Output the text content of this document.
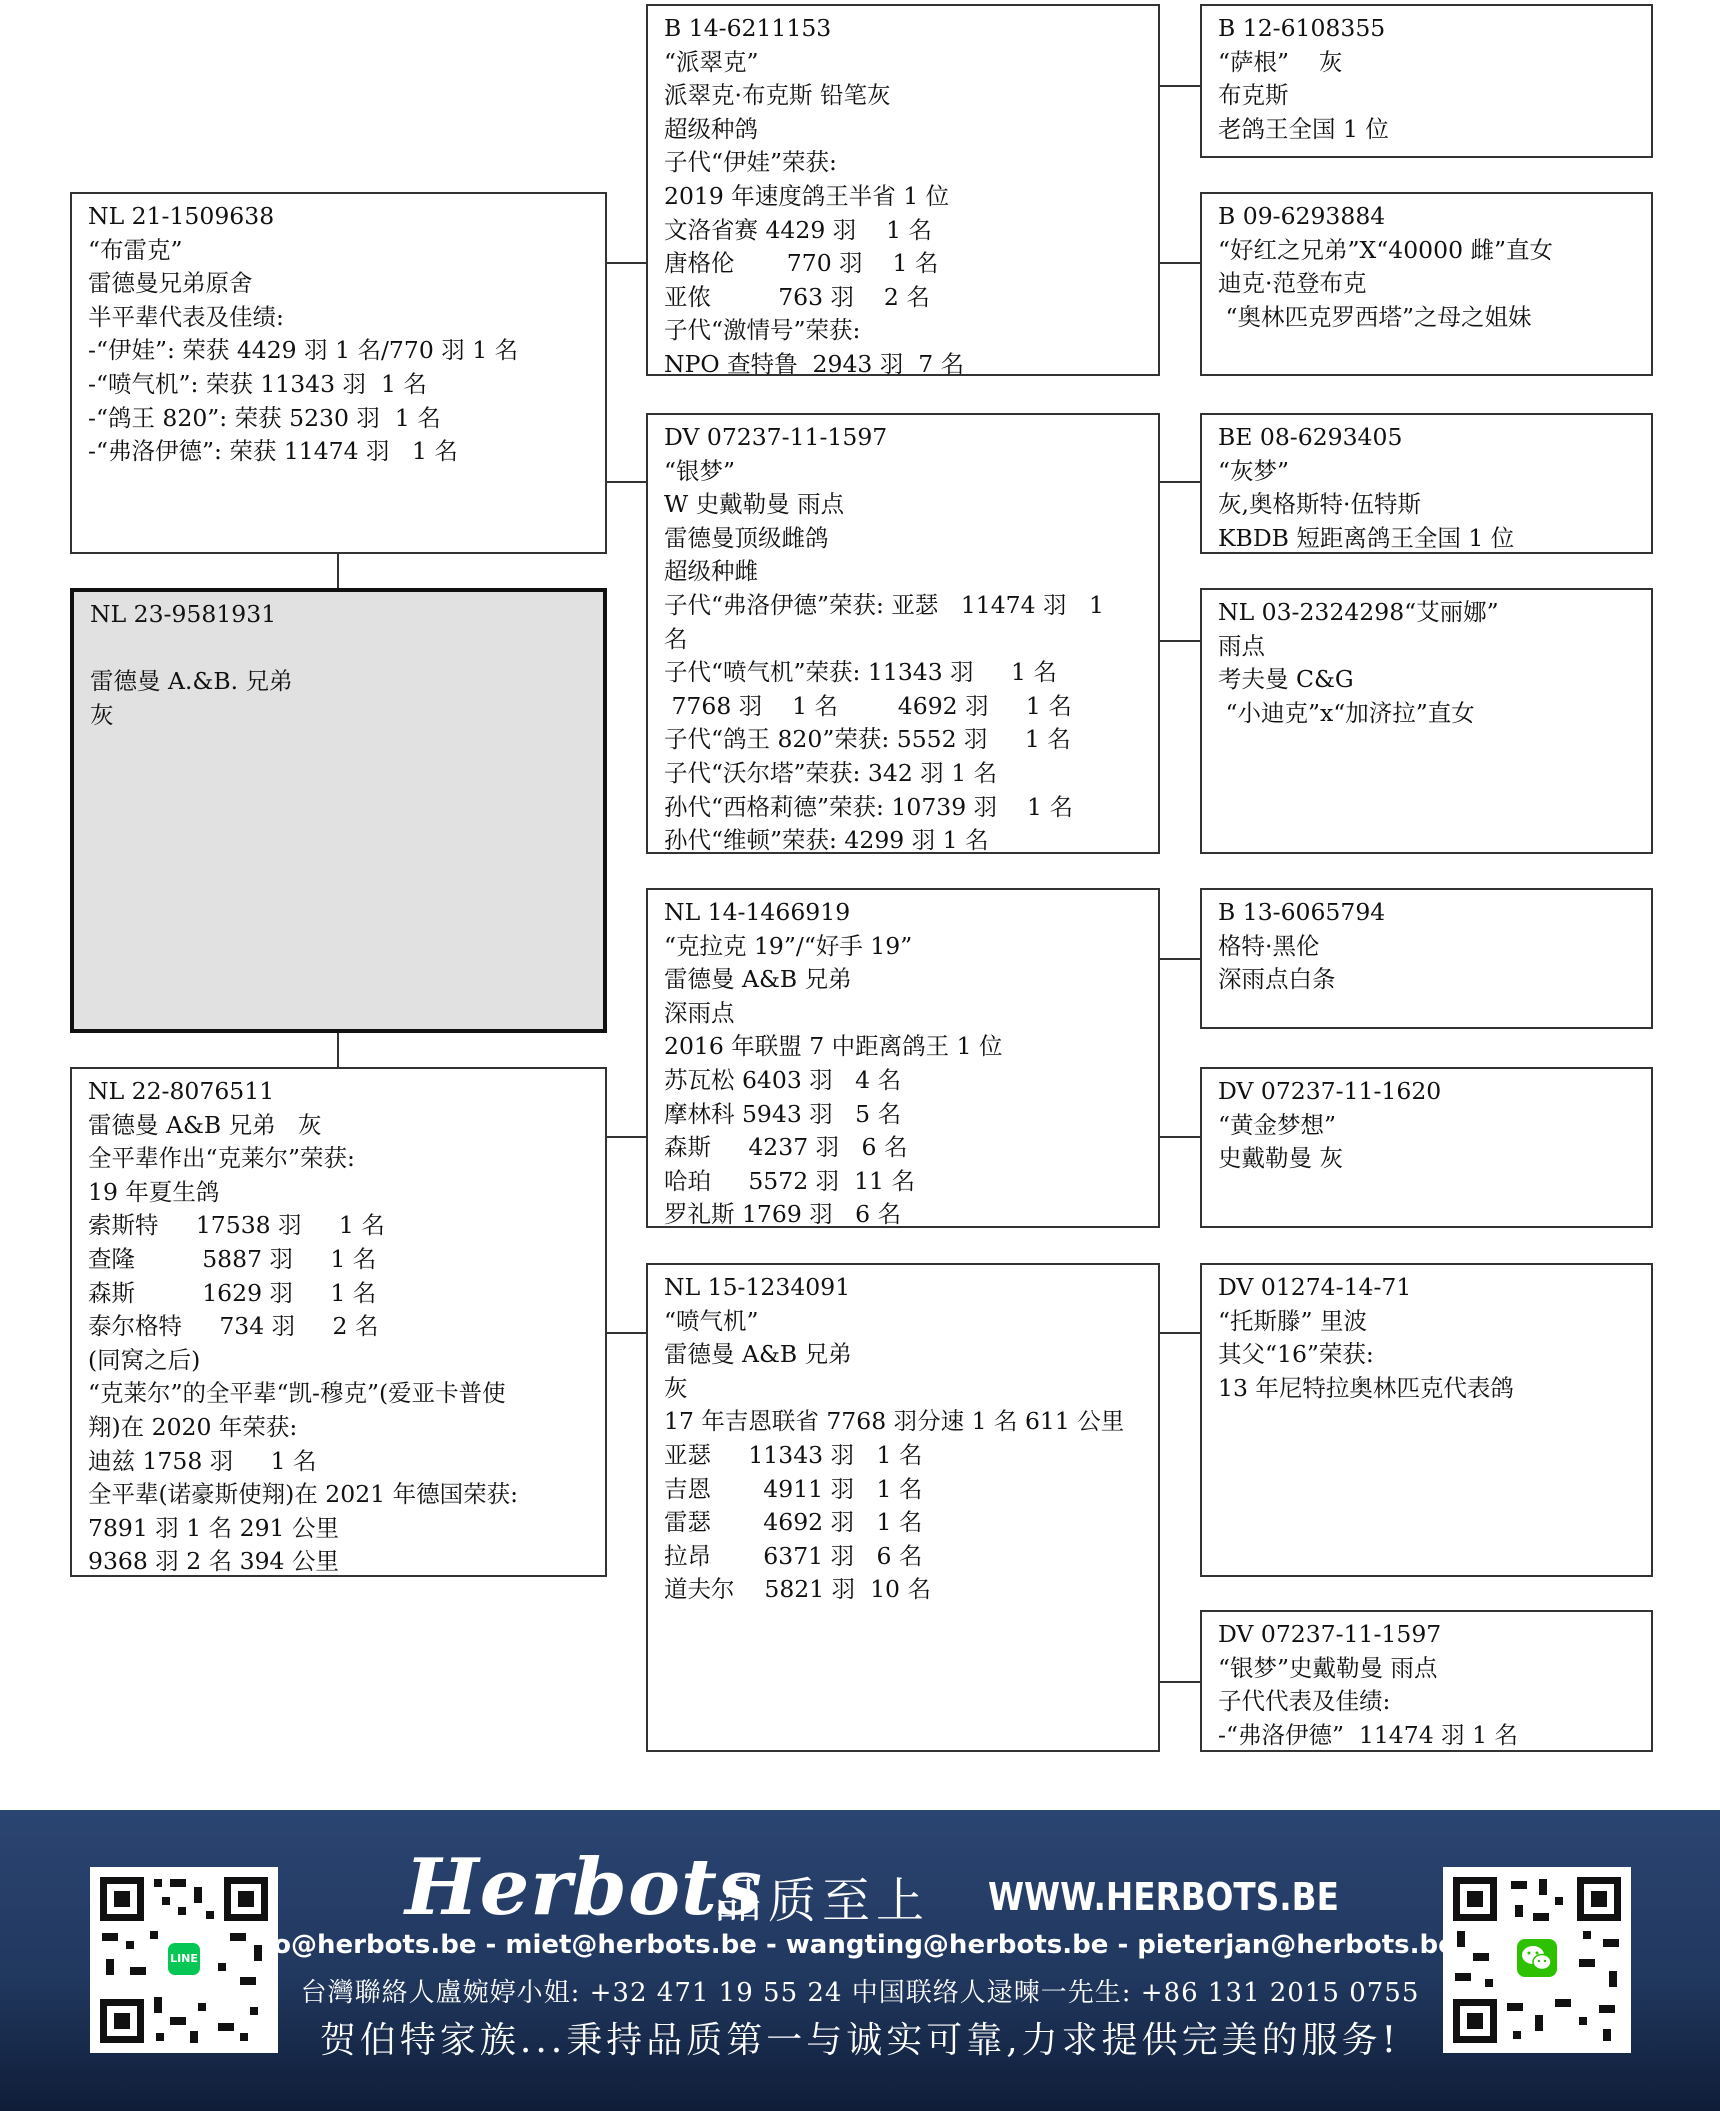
B 14-6211153
“派翠克”
派翠克·布克斯 铅笔灰
超级种鸽
子代“伊娃”荣获:
2019 年速度鸽王半省 1 位
文洛省赛 4429 羽    1 名
唐格伦       770 羽    1 名
亚侬         763 羽    2 名
子代“激情号”荣获:
NPO 查特鲁  2943 羽  7 名
B 12-6108355
“萨根”    灰
布克斯
老鸽王全国 1 位
B 09-6293884
“好红之兄弟”X“40000 雌”直女
迪克·范登布克
“奥林匹克罗西塔”之母之姐妹
NL 21-1509638
“布雷克”
雷德曼兄弟原舍
半平辈代表及佳绩:
-“伊娃”: 荣获 4429 羽 1 名/770 羽 1 名
-“喷气机”: 荣获 11343 羽  1 名
-“鸽王 820”: 荣获 5230 羽  1 名
-“弗洛伊德”: 荣获 11474 羽   1 名
DV 07237-11-1597
“银梦”
W 史戴勒曼 雨点
雷德曼顶级雌鸽
超级种雌
子代“弗洛伊德”荣获: 亚瑟   11474 羽   1
名
子代“喷气机”荣获: 11343 羽     1 名
7768 羽    1 名        4692 羽     1 名
子代“鸽王 820”荣获: 5552 羽     1 名
子代“沃尔塔”荣获: 342 羽 1 名
孙代“西格莉德”荣获: 10739 羽    1 名
孙代“维顿”荣获: 4299 羽 1 名
BE 08-6293405
“灰梦”
灰,奥格斯特·伍特斯
KBDB 短距离鸽王全国 1 位
NL 03-2324298“艾丽娜”
雨点
考夫曼 C&G
“小迪克”x“加济拉”直女
NL 23-9581931

雷德曼 A.&B. 兄弟
灰
NL 14-1466919
“克拉克 19”/“好手 19”
雷德曼 A&B 兄弟
深雨点
2016 年联盟 7 中距离鸽王 1 位
苏瓦松 6403 羽   4 名
摩林科 5943 羽   5 名
森斯     4237 羽   6 名
哈珀     5572 羽  11 名
罗礼斯 1769 羽   6 名
B 13-6065794
格特·黑伦
深雨点白条
DV 07237-11-1620
“黄金梦想”
史戴勒曼 灰
NL 22-8076511
雷德曼 A&B 兄弟   灰
全平辈作出“克莱尔”荣获:
19 年夏生鸽
索斯特     17538 羽     1 名
查隆         5887 羽     1 名
森斯         1629 羽     1 名
泰尔格特     734 羽     2 名
(同窝之后)
“克莱尔”的全平辈“凯-穆克”(爱亚卡普使
翔)在 2020 年荣获:
迪兹 1758 羽     1 名
全平辈(诺豪斯使翔)在 2021 年德国荣获:
7891 羽 1 名 291 公里
9368 羽 2 名 394 公里
NL 15-1234091
“喷气机”
雷德曼 A&B 兄弟
灰
17 年吉恩联省 7768 羽分速 1 名 611 公里
亚瑟     11343 羽   1 名
吉恩       4911 羽   1 名
雷瑟       4692 羽   1 名
拉昂       6371 羽   6 名
道夫尔    5821 羽  10 名
DV 01274-14-71
“托斯滕” 里波
其父“16”荣获:
13 年尼特拉奥林匹克代表鸽
DV 07237-11-1597
“银梦”史戴勒曼 雨点
子代代表及佳绩:
-“弗洛伊德”  11474 羽 1 名
LINE
Herbots
品质至上 WWW.HERBOTS.BE
jo@herbots.be - miet@herbots.be - wangting@herbots.be - pieterjan@herbots.be
台灣聯絡人盧婉婷小姐: +32 471 19 55 24 中国联络人逯暕一先生: +86 131 2015 0755
贺伯特家族...秉持品质第一与诚实可靠,力求提供完美的服务!
